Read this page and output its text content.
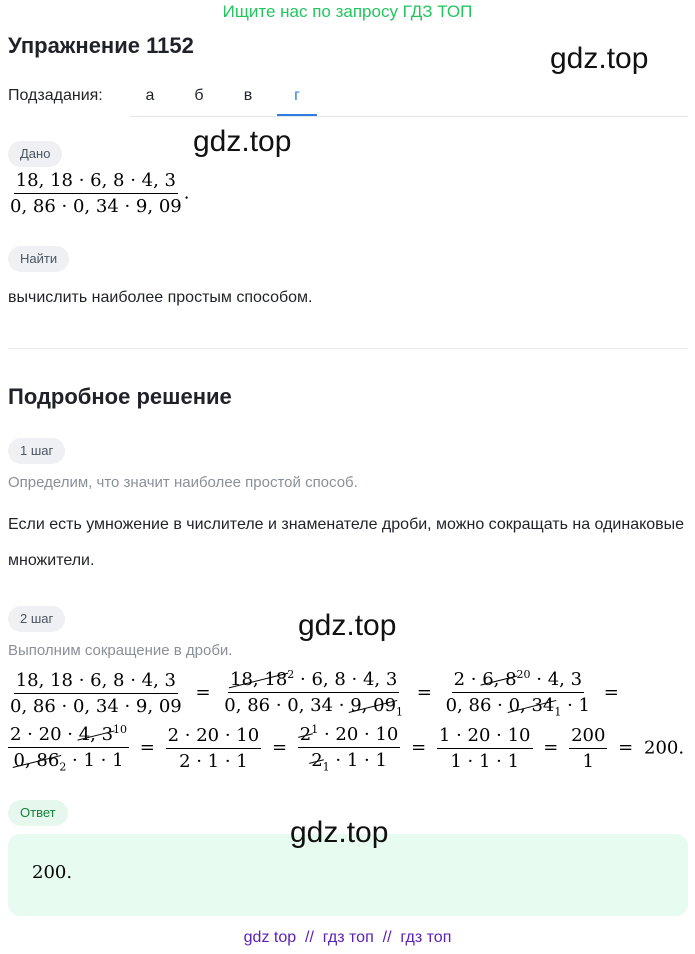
Ищите нас по запросу ГДЗ ТОП
Упражнение 1152	gdz.top
Подзадания:	а	б	в	г
Дано	gdz.top
$\frac{18, 18 \cdot 6, 8 \cdot 4, 3}{0, 86 \cdot 0, 34 \cdot 9, 09}$ .
Найти
вычислить наиболее простым способом.
Подробное решение
1 шаг
Определим, что значит наиболее простой способ.
Если есть умножение в числителе и знаменателе дроби, можно сокращать на одинаковые множители.
2 шаг	gdz.top
Выполним сокращение в дроби.
$\frac{18, 18 \cdot 6, 8 \cdot 4, 3}{0, 86 \cdot 0, 34 \cdot 9, 09} = \frac{18, 18^2 \cdot 6, 8 \cdot 4, 3}{0, 86 \cdot 0, 34 \cdot 9, 09_1} = \frac{2 \cdot 6, 8^{20} \cdot 4, 3}{0, 86 \cdot 0, 34_1 \cdot 1}$ =
$\frac{2 \cdot 20 \cdot 4, 3^{10}}{0, 86_2 \cdot 1 \cdot 1} = \frac{2 \cdot 20 \cdot 10}{2 \cdot 1 \cdot 1} = \frac{2^1 \cdot 20 \cdot 10}{2_1 \cdot 1 \cdot 1} = \frac{1 \cdot 20 \cdot 10}{1 \cdot 1 \cdot 1} = \frac{200}{1} = 200$.
Ответ
200.
gdz.top
gdz top  //  гдз топ  //  гдз топ
